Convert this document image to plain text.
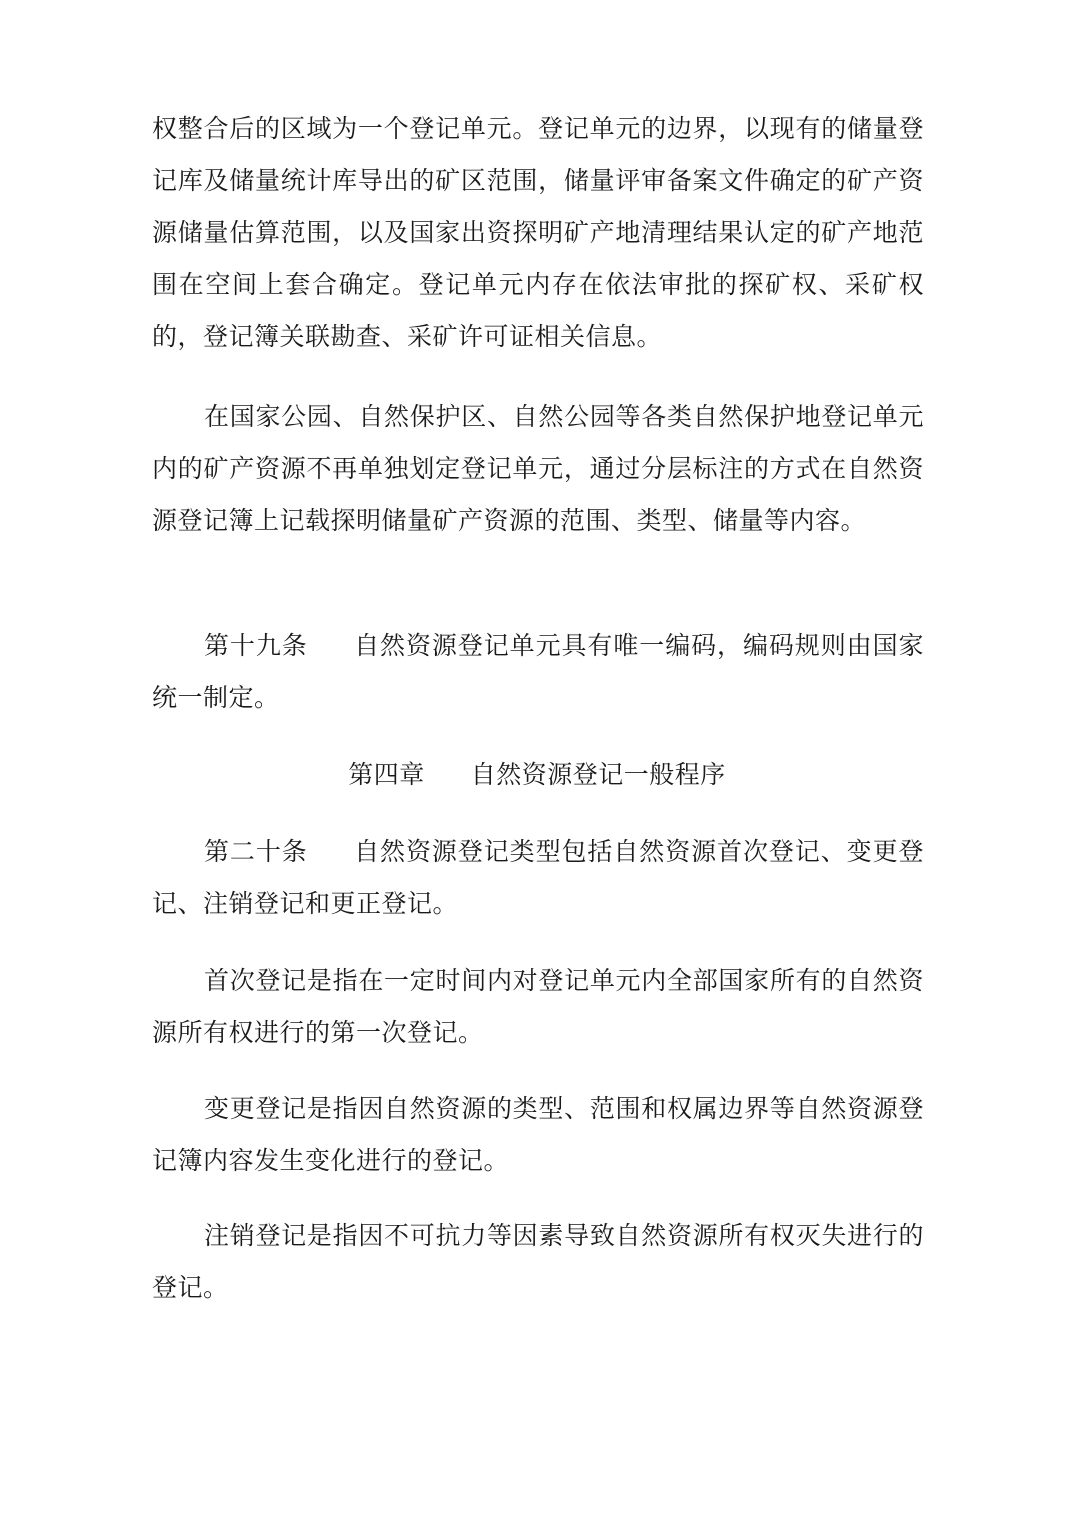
权整合后的区域为一个登记单元。登记单元的边界，以现有的储量登记库及储量统计库导出的矿区范围，储量评审备案文件确定的矿产资源储量估算范围，以及国家出资探明矿产地清理结果认定的矿产地范围在空间上套合确定。登记单元内存在依法审批的探矿权、采矿权的，登记簿关联勘查、采矿许可证相关信息。
在国家公园、自然保护区、自然公园等各类自然保护地登记单元内的矿产资源不再单独划定登记单元，通过分层标注的方式在自然资源登记簿上记载探明储量矿产资源的范围、类型、储量等内容。
第十九条 自然资源登记单元具有唯一编码，编码规则由国家统一制定。
第四章 自然资源登记一般程序
第二十条 自然资源登记类型包括自然资源首次登记、变更登记、注销登记和更正登记。
首次登记是指在一定时间内对登记单元内全部国家所有的自然资源所有权进行的第一次登记。
变更登记是指因自然资源的类型、范围和权属边界等自然资源登记簿内容发生变化进行的登记。
注销登记是指因不可抗力等因素导致自然资源所有权灭失进行的登记。
